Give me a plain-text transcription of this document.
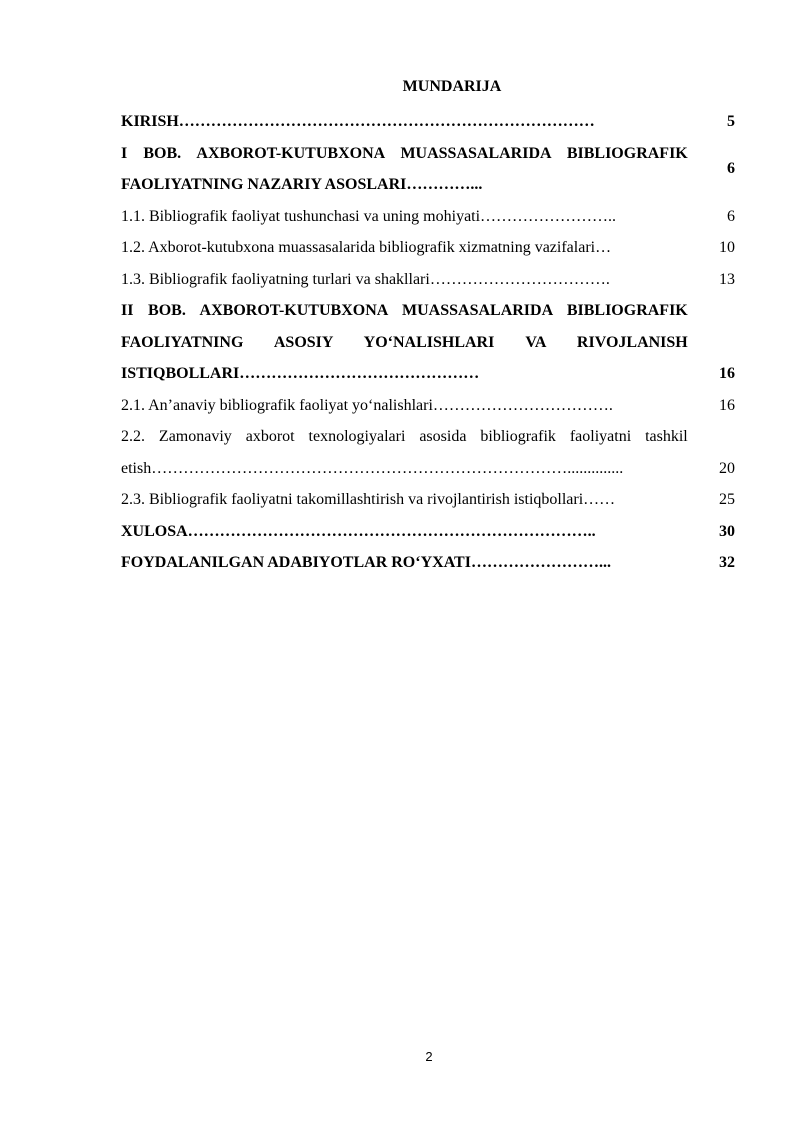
MUNDARIJA
KIRISH……………………………………………………………………	5
I BOB. AXBOROT-KUTUBXONA MUASSASALARIDA BIBLIOGRAFIK FAOLIYATNING NAZARIY ASOSLARI…………...	6
1.1. Bibliografik faoliyat tushunchasi va uning mohiyati……………………..	6
1.2. Axborot-kutubxona muassasalarida bibliografik xizmatning vazifalari…	10
1.3. Bibliografik faoliyatning turlari va shakllari…………………………….	13
II BOB. AXBOROT-KUTUBXONA MUASSASALARIDA BIBLIOGRAFIK FAOLIYATNING ASOSIY YO‘NALISHLARI VA RIVOJLANISH ISTIQBOLLARI………………………………………	16
2.1. An’anaviy bibliografik faoliyat yo‘nalishlari…………………………….	16
2.2. Zamonaviy axborot texnologiyalari asosida bibliografik faoliyatni tashkil etish……………………………………………………………………..............	20
2.3. Bibliografik faoliyatni takomillashtirish va rivojlantirish istiqbollari……	25
XULOSA…………………………………………………………………..	30
FOYDALANILGAN ADABIYOTLAR RO‘YXATI……………………...	32
2
